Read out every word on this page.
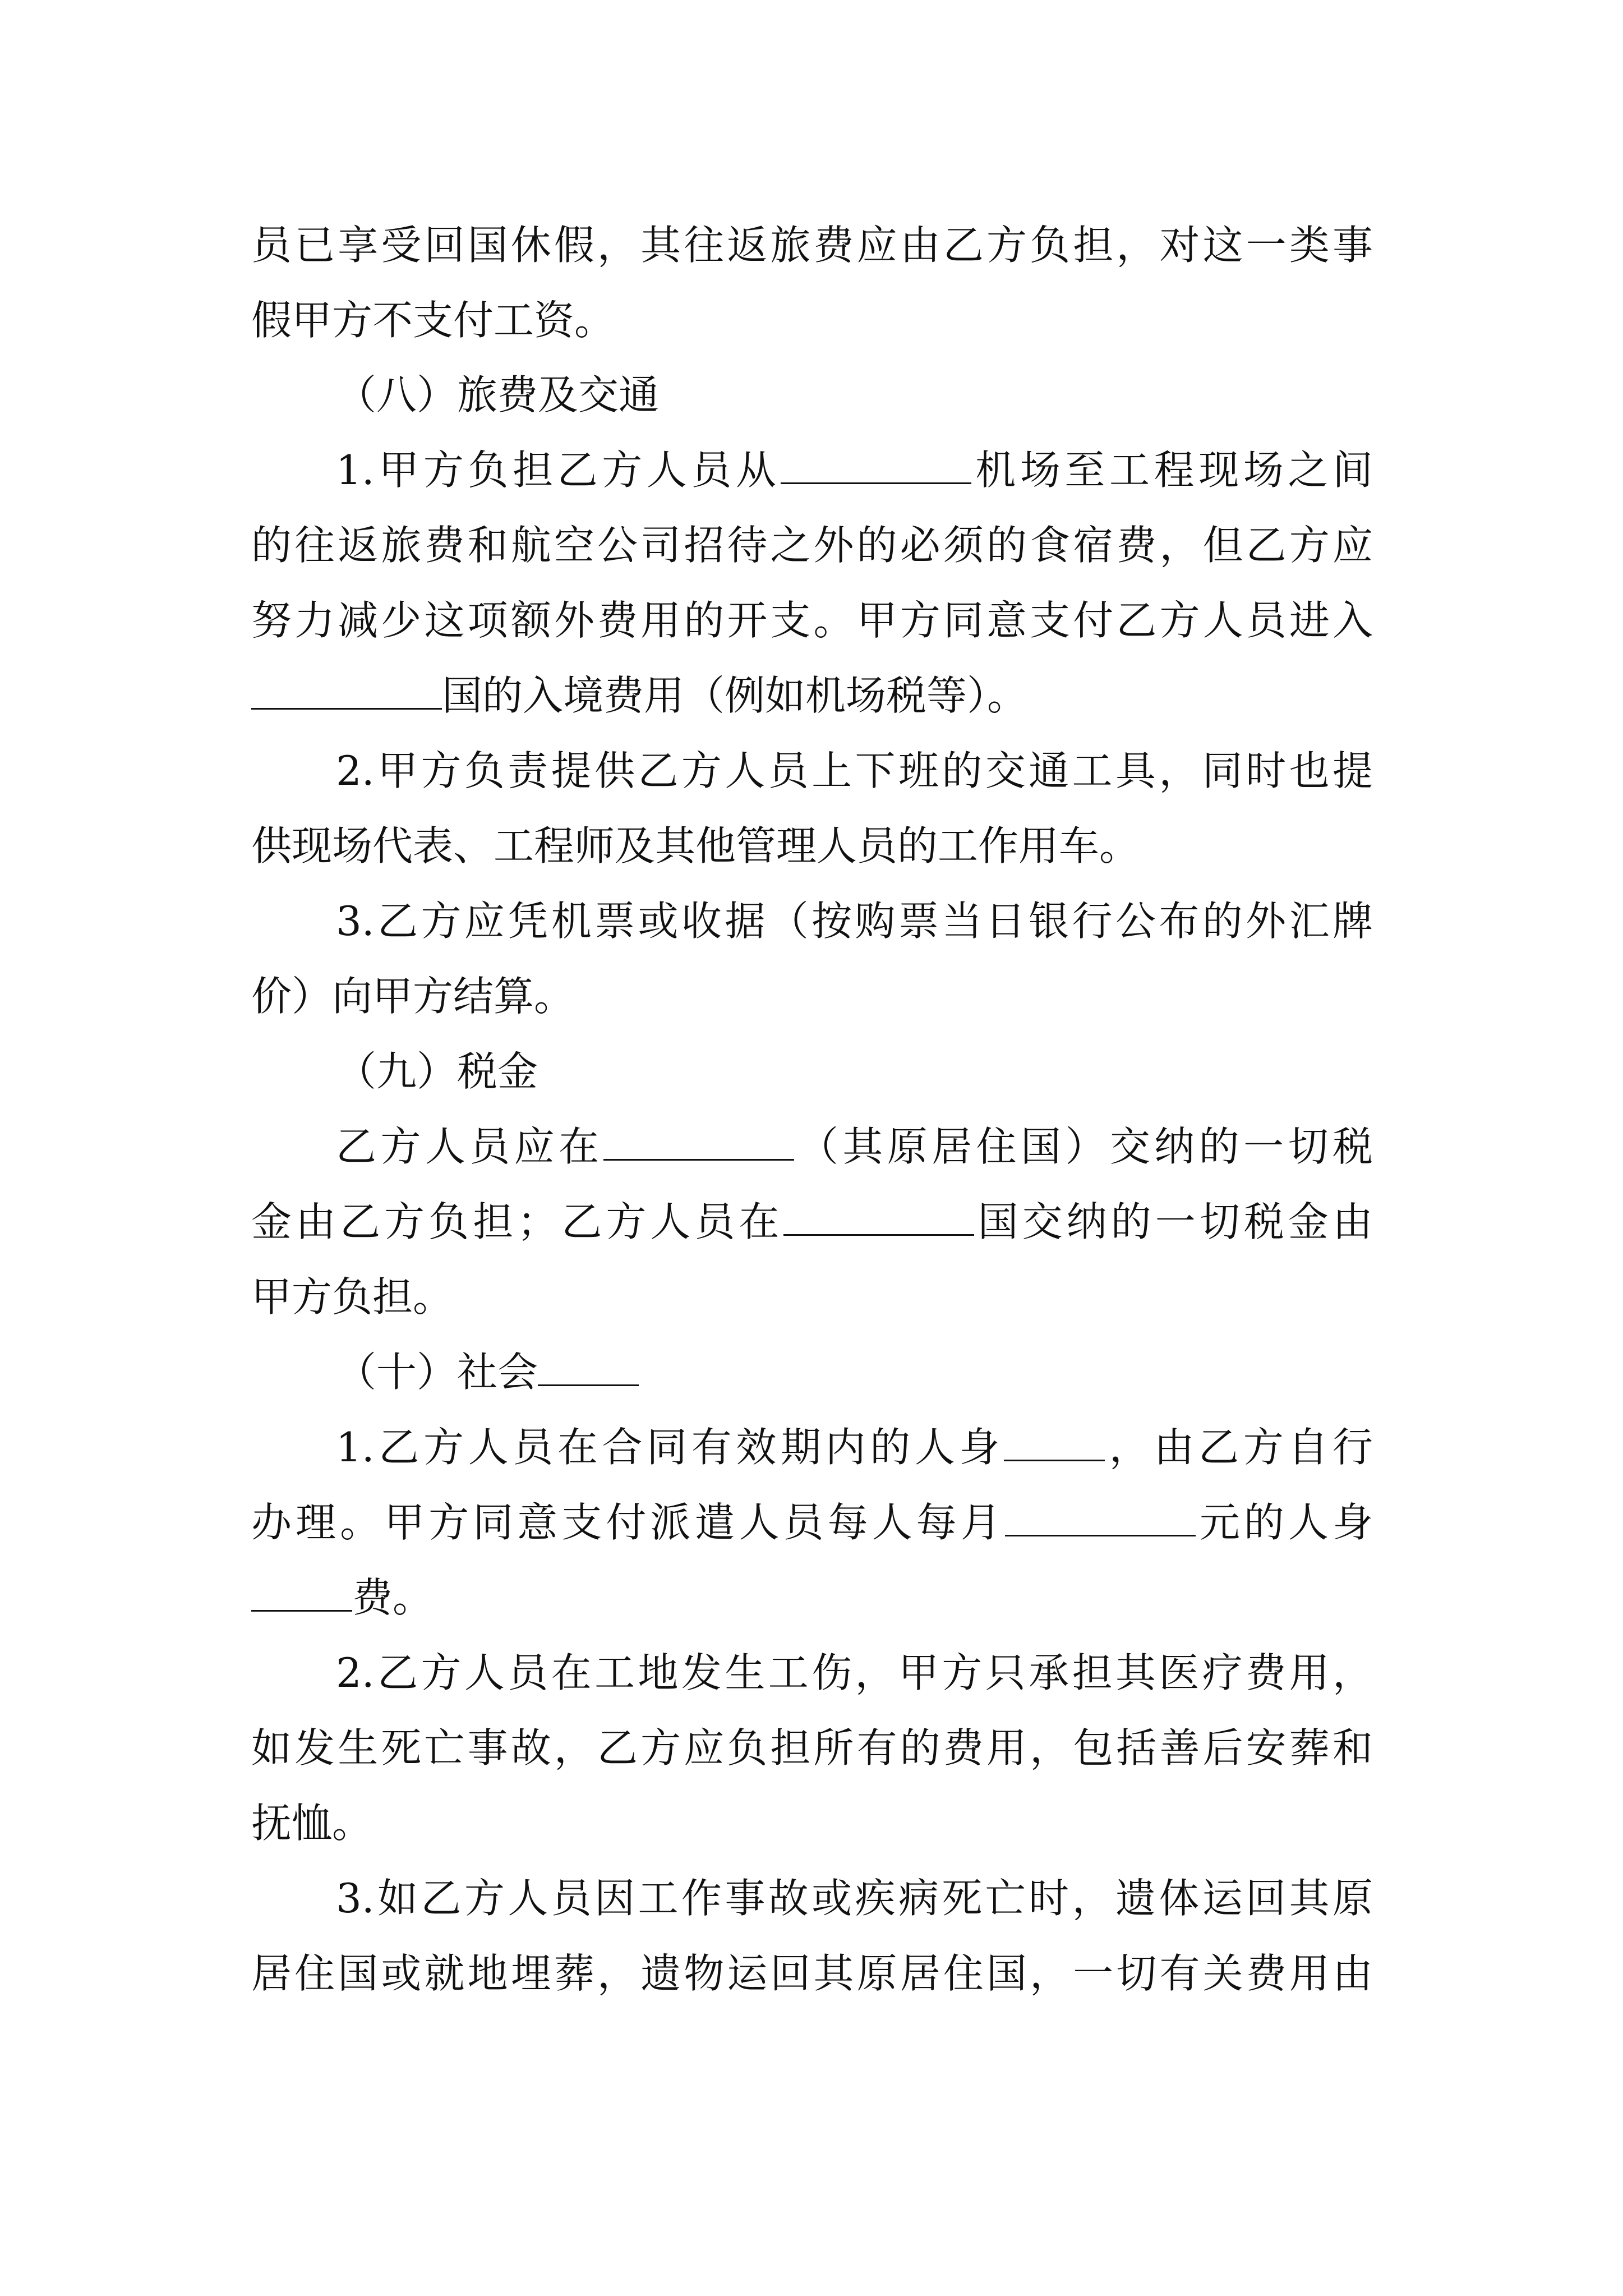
员已享受回国休假，其往返旅费应由乙方负担，对这一类事
假甲方不支付工资。
（八）旅费及交通
1.甲方负担乙方人员从	机场至工程现场之间
的往返旅费和航空公司招待之外的必须的食宿费，但乙方应
努力减少这项额外费用的开支。甲方同意支付乙方人员进入
国的入境费用（例如机场税等）。
2.甲方负责提供乙方人员上下班的交通工具，同时也提
供现场代表、工程师及其他管理人员的工作用车。
3.乙方应凭机票或收据（按购票当日银行公布的外汇牌
价）向甲方结算。
（九）税金
乙方人员应在	（其原居住国）交纳的一切税
金由乙方负担；乙方人员在	国交纳的一切税金由
甲方负担。
（十）社会
1.乙方人员在合同有效期内的人身	，由乙方自行
办理。甲方同意支付派遣人员每人每月	元的人身
费。
2.乙方人员在工地发生工伤，甲方只承担其医疗费用，
如发生死亡事故，乙方应负担所有的费用，包括善后安葬和
抚恤。
3.如乙方人员因工作事故或疾病死亡时，遗体运回其原
居住国或就地埋葬，遗物运回其原居住国，一切有关费用由
